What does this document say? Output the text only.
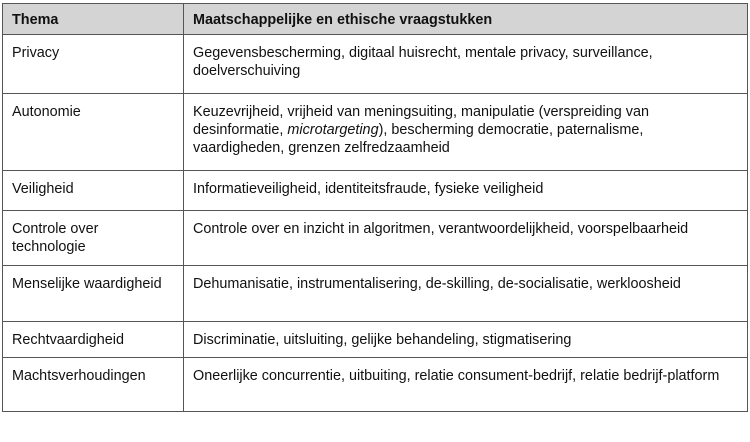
Thema	Maatschappelijke en ethische vraagstukken
Privacy	Gegevensbescherming, digitaal huisrecht, mentale privacy, surveillance, doelverschuiving
Autonomie	Keuzevrijheid, vrijheid van meningsuiting, manipulatie (verspreiding van desinformatie, microtargeting), bescherming democratie, paternalisme, vaardigheden, grenzen zelfredzaamheid
Veiligheid	Informatieveiligheid, identiteitsfraude, fysieke veiligheid
Controle over technologie	Controle over en inzicht in algoritmen, verantwoordelijkheid, voorspelbaarheid
Menselijke waardigheid	Dehumanisatie, instrumentalisering, de-skilling, de-socialisatie, werkloosheid
Rechtvaardigheid	Discriminatie, uitsluiting, gelijke behandeling, stigmatisering
Machtsverhoudingen	Oneerlijke concurrentie, uitbuiting, relatie consument-bedrijf, relatie bedrijf-platform
